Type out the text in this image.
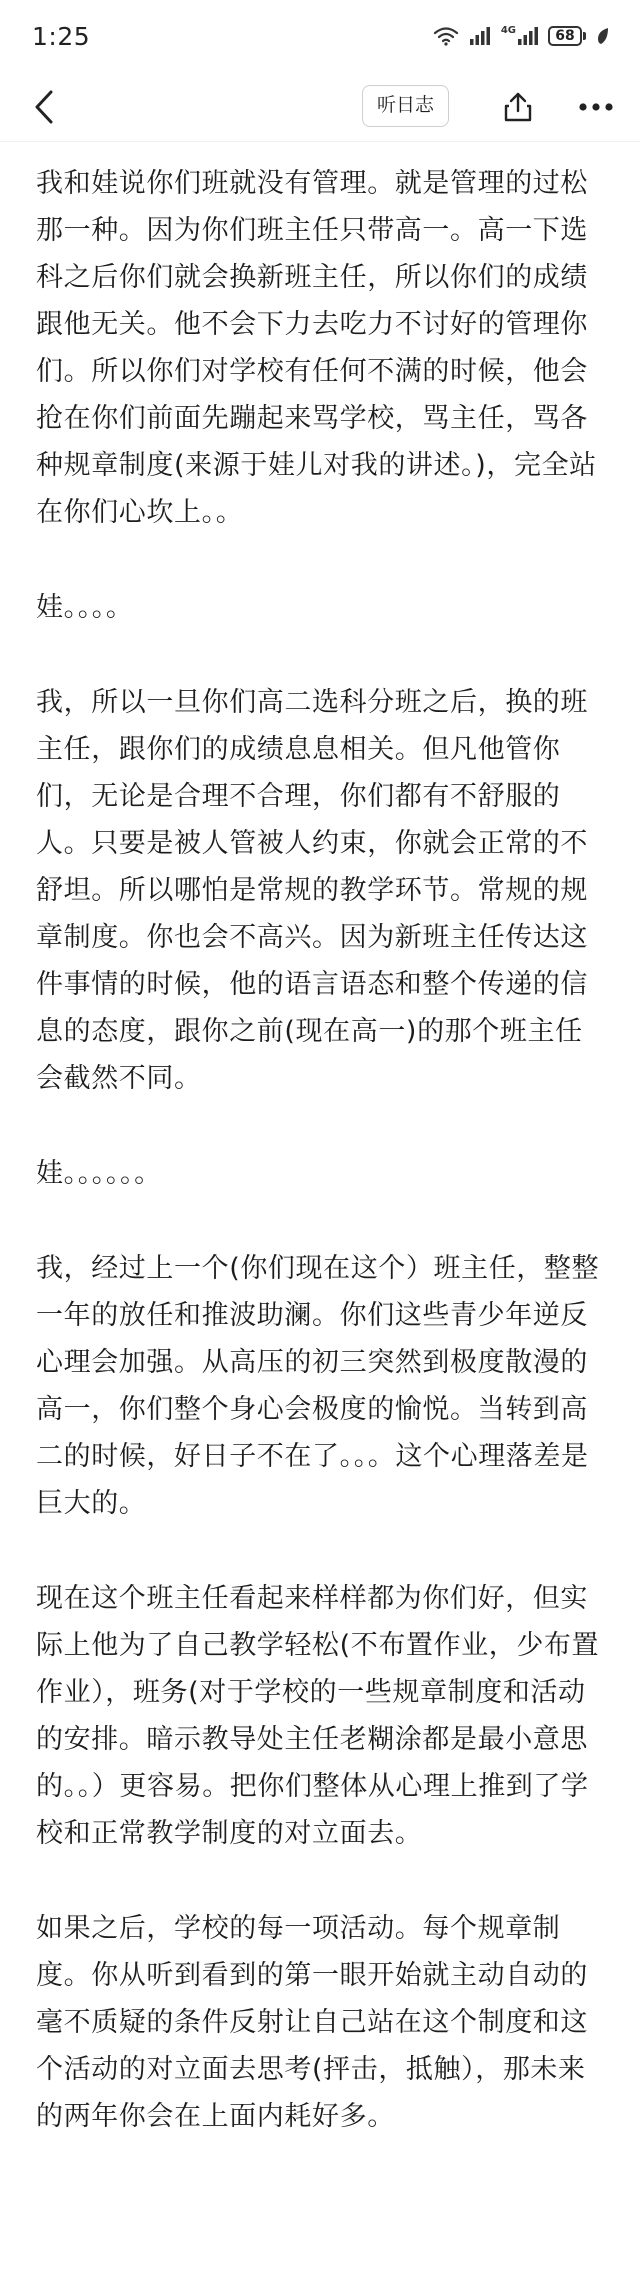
1:25	4G	68
听日志

我和娃说你们班就没有管理。就是管理的过松那一种。因为你们班主任只带高一。高一下选科之后你们就会换新班主任，所以你们的成绩跟他无关。他不会下力去吃力不讨好的管理你们。所以你们对学校有任何不满的时候，他会抢在你们前面先蹦起来骂学校，骂主任，骂各种规章制度(来源于娃儿对我的讲述。)，完全站在你们心坎上。。

娃。。。。

我，所以一旦你们高二选科分班之后，换的班主任，跟你们的成绩息息相关。但凡他管你们，无论是合理不合理，你们都有不舒服的人。只要是被人管被人约束，你就会正常的不舒坦。所以哪怕是常规的教学环节。常规的规章制度。你也会不高兴。因为新班主任传达这件事情的时候，他的语言语态和整个传递的信息的态度，跟你之前(现在高一)的那个班主任会截然不同。

娃。。。。。。

我，经过上一个(你们现在这个）班主任，整整一年的放任和推波助澜。你们这些青少年逆反心理会加强。从高压的初三突然到极度散漫的高一，你们整个身心会极度的愉悦。当转到高二的时候，好日子不在了。。。这个心理落差是巨大的。

现在这个班主任看起来样样都为你们好，但实际上他为了自己教学轻松(不布置作业，少布置作业），班务(对于学校的一些规章制度和活动的安排。暗示教导处主任老糊涂都是最小意思的。。）更容易。把你们整体从心理上推到了学校和正常教学制度的对立面去。

如果之后，学校的每一项活动。每个规章制度。你从听到看到的第一眼开始就主动自动的毫不质疑的条件反射让自己站在这个制度和这个活动的对立面去思考(抨击，抵触），那未来的两年你会在上面内耗好多。
